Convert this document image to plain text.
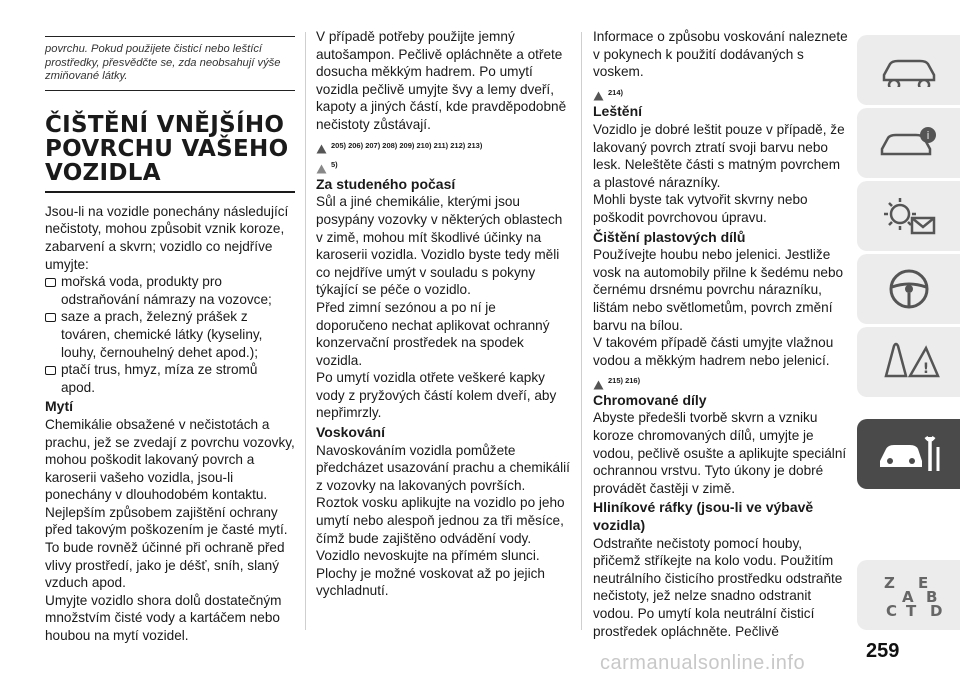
povrchu. Pokud použijete čisticí nebo leštící prostředky, přesvědčte se, zda neobsahují výše zmiňované látky.
ČIŠTĚNÍ VNĚJŠÍHO
POVRCHU VAŠEHO
VOZIDLA

Jsou-li na vozidle ponechány následující nečistoty, mohou způsobit vznik koroze, zabarvení a skvrn; vozidlo co nejdříve umyjte:

mořská voda, produkty pro odstraňování námrazy na vozovce;
saze a prach, železný prášek z továren, chemické látky (kyseliny, louhy, černouhelný dehet apod.);
ptačí trus, hmyz, míza ze stromů apod.

Mytí

Chemikálie obsažené v nečistotách a prachu, jež se zvedají z povrchu vozovky, mohou poškodit lakovaný povrch a karoserii vašeho vozidla, jsou-li ponechány v dlouhodobém kontaktu. Nejlepším způsobem zajištění ochrany před takovým poškozením je časté mytí. To bude rovněž účinné při ochraně před vlivy prostředí, jako je déšť, sníh, slaný vzduch apod.

Umyjte vozidlo shora dolů dostatečným množstvím čisté vody a kartáčem nebo houbou na mytí vozidel.

V případě potřeby použijte jemný autošampon. Pečlivě opláchněte a otřete dosucha měkkým hadrem. Po umytí vozidla pečlivě umyjte švy a lemy dveří, kapoty a jiných částí, kde pravděpodobně nečistoty zůstávají.

205) 206) 207) 208) 209) 210) 211) 212) 213)
5)

Za studeného počasí

Sůl a jiné chemikálie, kterými jsou posypány vozovky v některých oblastech v zimě, mohou mít škodlivé účinky na karoserii vozidla. Vozidlo byste tedy měli co nejdříve umýt v souladu s pokyny týkající se péče o vozidlo.

Před zimní sezónou a po ní je doporučeno nechat aplikovat ochranný konzervační prostředek na spodek vozidla.

Po umytí vozidla otřete veškeré kapky vody z pryžových částí kolem dveří, aby nepřimrzly.

Voskování

Navoskováním vozidla pomůžete předcházet usazování prachu a chemikálií z vozovky na lakovaných površích. Roztok vosku aplikujte na vozidlo po jeho umytí nebo alespoň jednou za tři měsíce, čímž bude zajištěno odvádění vody.

Vozidlo nevoskujte na přímém slunci. Plochy je možné voskovat až po jejich vychladnutí.

Informace o způsobu voskování naleznete v pokynech k použití dodávaných s voskem.

214)

Leštění

Vozidlo je dobré leštit pouze v případě, že lakovaný povrch ztratí svoji barvu nebo lesk. Neleštěte části s matným povrchem a plastové nárazníky.

Mohli byste tak vytvořit skvrny nebo poškodit povrchovou úpravu.

Čištění plastových dílů

Používejte houbu nebo jelenici. Jestliže vosk na automobily přilne k šedému nebo černému drsnému povrchu nárazníku, lištám nebo světlometům, povrch změní barvu na bílou.

V takovém případě části umyjte vlažnou vodou a měkkým hadrem nebo jelenicí.

215) 216)

Chromované díly

Abyste předešli tvorbě skvrn a vzniku koroze chromovaných dílů, umyjte je vodou, pečlivě osušte a aplikujte speciální ochrannou vrstvu. Tyto úkony je dobré provádět častěji v zimě.

Hliníkové ráfky (jsou-li ve výbavě vozidla)

Odstraňte nečistoty pomocí houby, přičemž stříkejte na kolo vodu. Použitím neutrálního čisticího prostředku odstraňte nečistoty, jež nelze snadno odstranit vodou. Po umytí kola neutrální čisticí prostředek opláchněte. Pečlivě

i
!
Z E
A B
C T D
259
carmanualsonline.info
